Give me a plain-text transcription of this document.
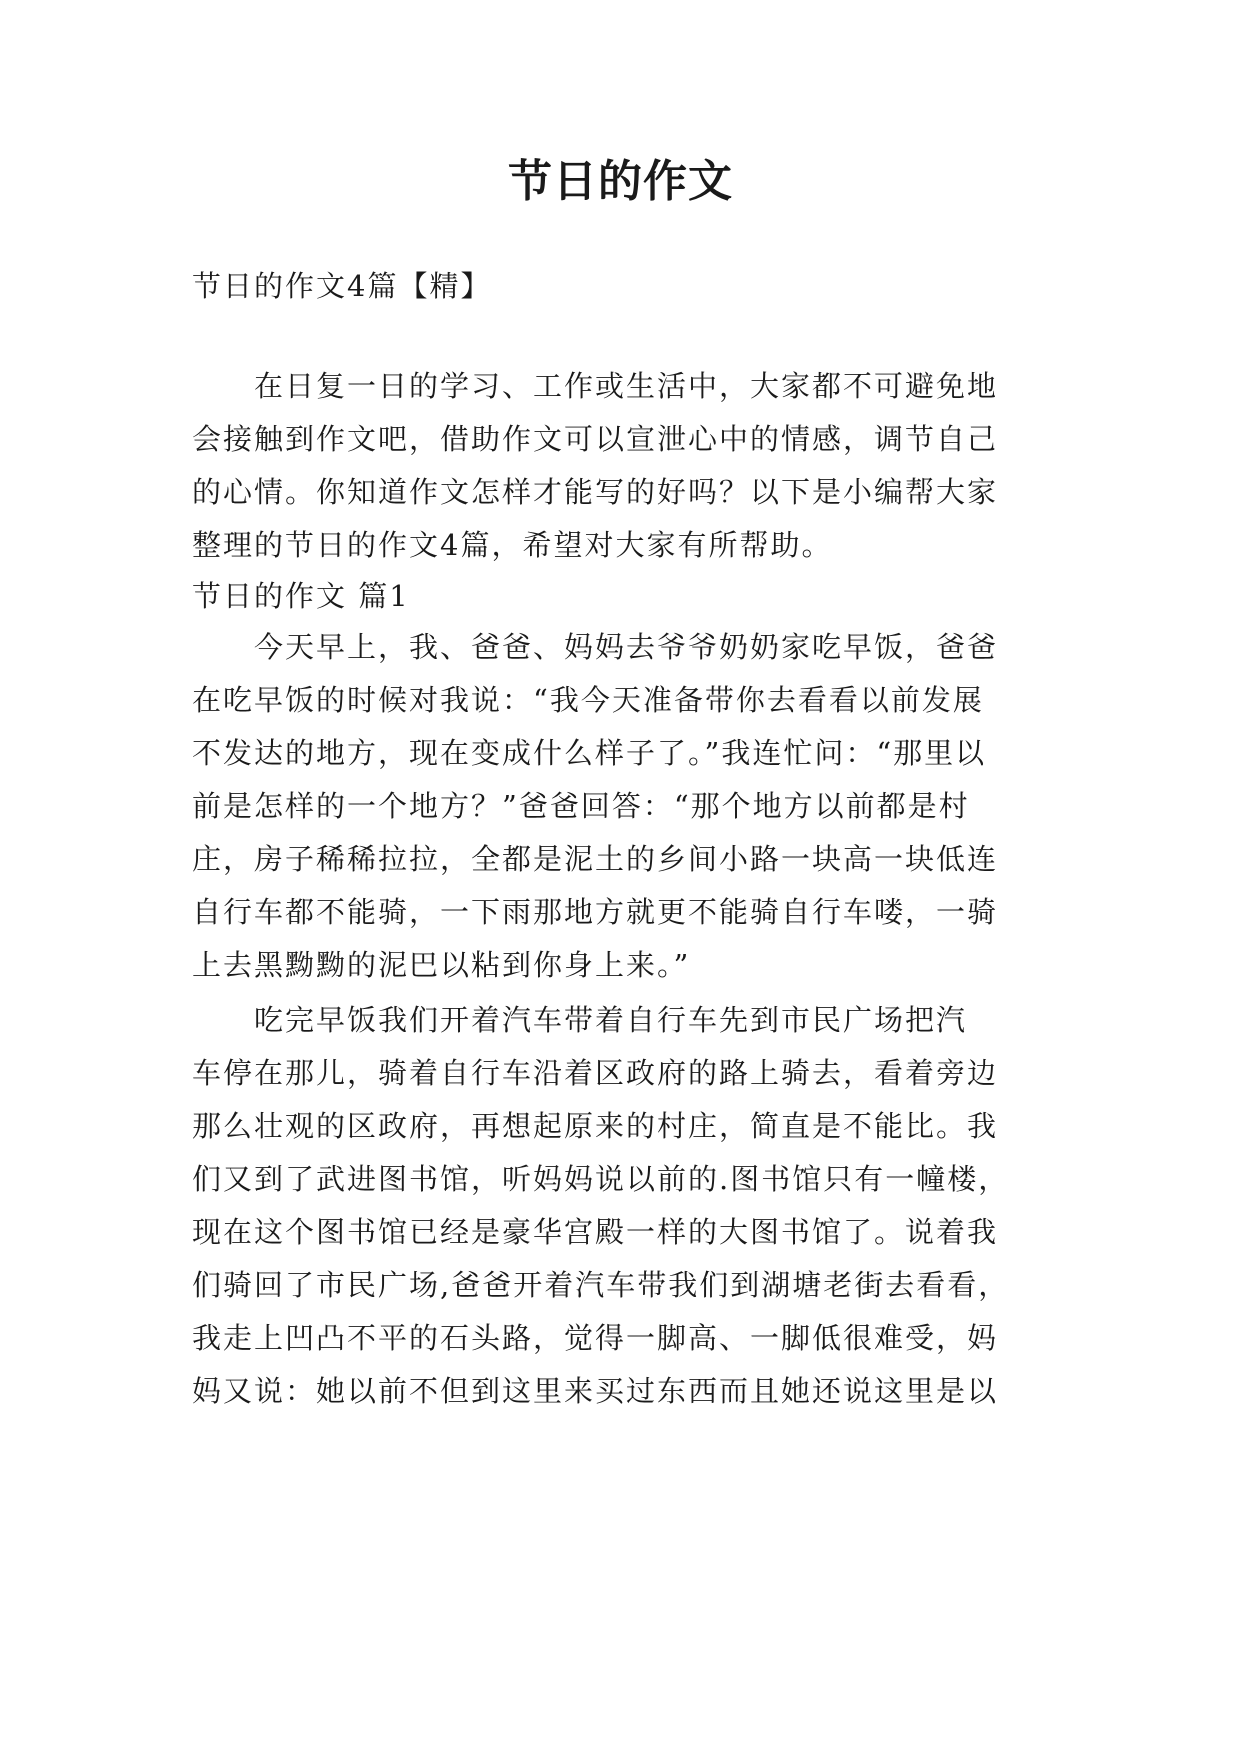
节日的作文
节日的作文4篇【精】
在日复一日的学习、工作或生活中，大家都不可避免地
会接触到作文吧，借助作文可以宣泄心中的情感，调节自己
的心情。你知道作文怎样才能写的好吗？以下是小编帮大家
整理的节日的作文4篇，希望对大家有所帮助。
节日的作文 篇1
今天早上，我、爸爸、妈妈去爷爷奶奶家吃早饭，爸爸
在吃早饭的时候对我说：“我今天准备带你去看看以前发展
不发达的地方，现在变成什么样子了。”我连忙问：“那里以
前是怎样的一个地方？”爸爸回答：“那个地方以前都是村
庄，房子稀稀拉拉，全都是泥土的乡间小路一块高一块低连
自行车都不能骑，一下雨那地方就更不能骑自行车喽，一骑
上去黑黝黝的泥巴以粘到你身上来。”
吃完早饭我们开着汽车带着自行车先到市民广场把汽
车停在那儿，骑着自行车沿着区政府的路上骑去，看着旁边
那么壮观的区政府，再想起原来的村庄，简直是不能比。我
们又到了武进图书馆，听妈妈说以前的.图书馆只有一幢楼，
现在这个图书馆已经是豪华宫殿一样的大图书馆了。说着我
们骑回了市民广场,爸爸开着汽车带我们到湖塘老街去看看，
我走上凹凸不平的石头路，觉得一脚高、一脚低很难受，妈
妈又说：她以前不但到这里来买过东西而且她还说这里是以
